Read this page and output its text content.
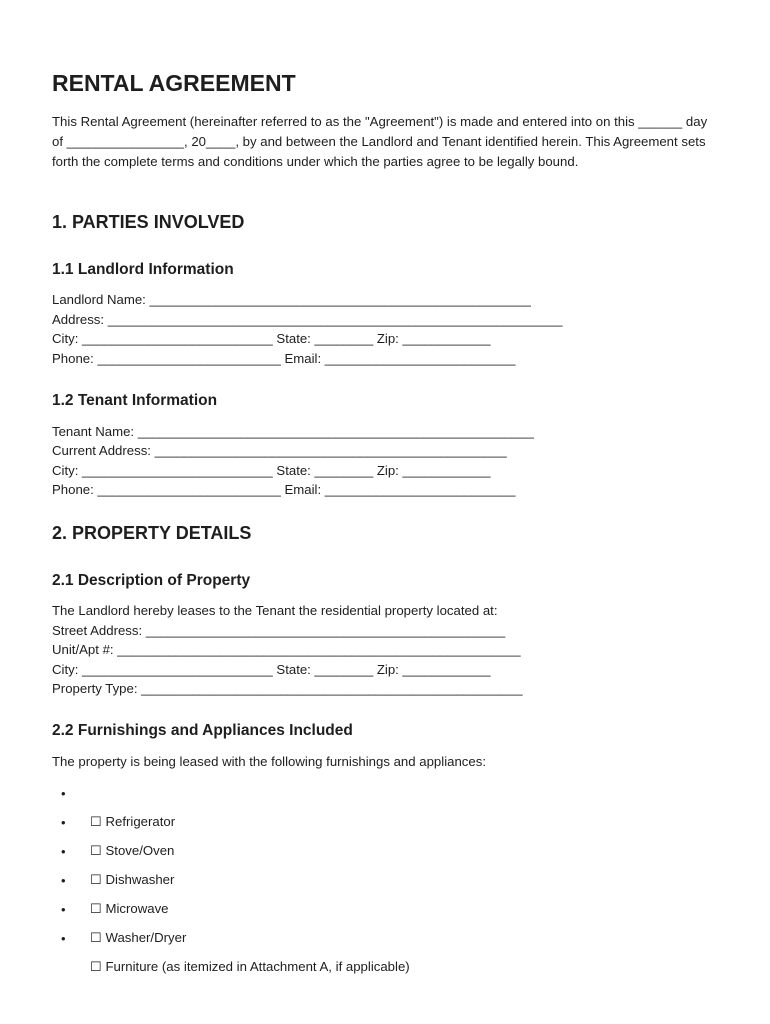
RENTAL AGREEMENT

This Rental Agreement (hereinafter referred to as the "Agreement") is made and entered into on this ______ day of ________________, 20____, by and between the Landlord and Tenant identified herein. This Agreement sets forth the complete terms and conditions under which the parties agree to be legally bound.

1. PARTIES INVOLVED
1.1 Landlord Information
Landlord Name: ____________________________________________________
Address: ______________________________________________________________
City: __________________________ State: ________ Zip: ____________
Phone: _________________________ Email: __________________________
1.2 Tenant Information
Tenant Name: ______________________________________________________
Current Address: ________________________________________________
City: __________________________ State: ________ Zip: ____________
Phone: _________________________ Email: __________________________
2. PROPERTY DETAILS
2.1 Description of Property

The Landlord hereby leases to the Tenant the residential property located at:

Street Address: _________________________________________________
Unit/Apt #: _______________________________________________________
City: __________________________ State: ________ Zip: ____________
Property Type: ____________________________________________________
2.2 Furnishings and Appliances Included

The property is being leased with the following furnishings and appliances:

•

☐ Refrigerator

•

☐ Stove/Oven

•

☐ Dishwasher

•

☐ Microwave

•

☐ Washer/Dryer

•

☐ Furniture (as itemized in Attachment A, if applicable)
